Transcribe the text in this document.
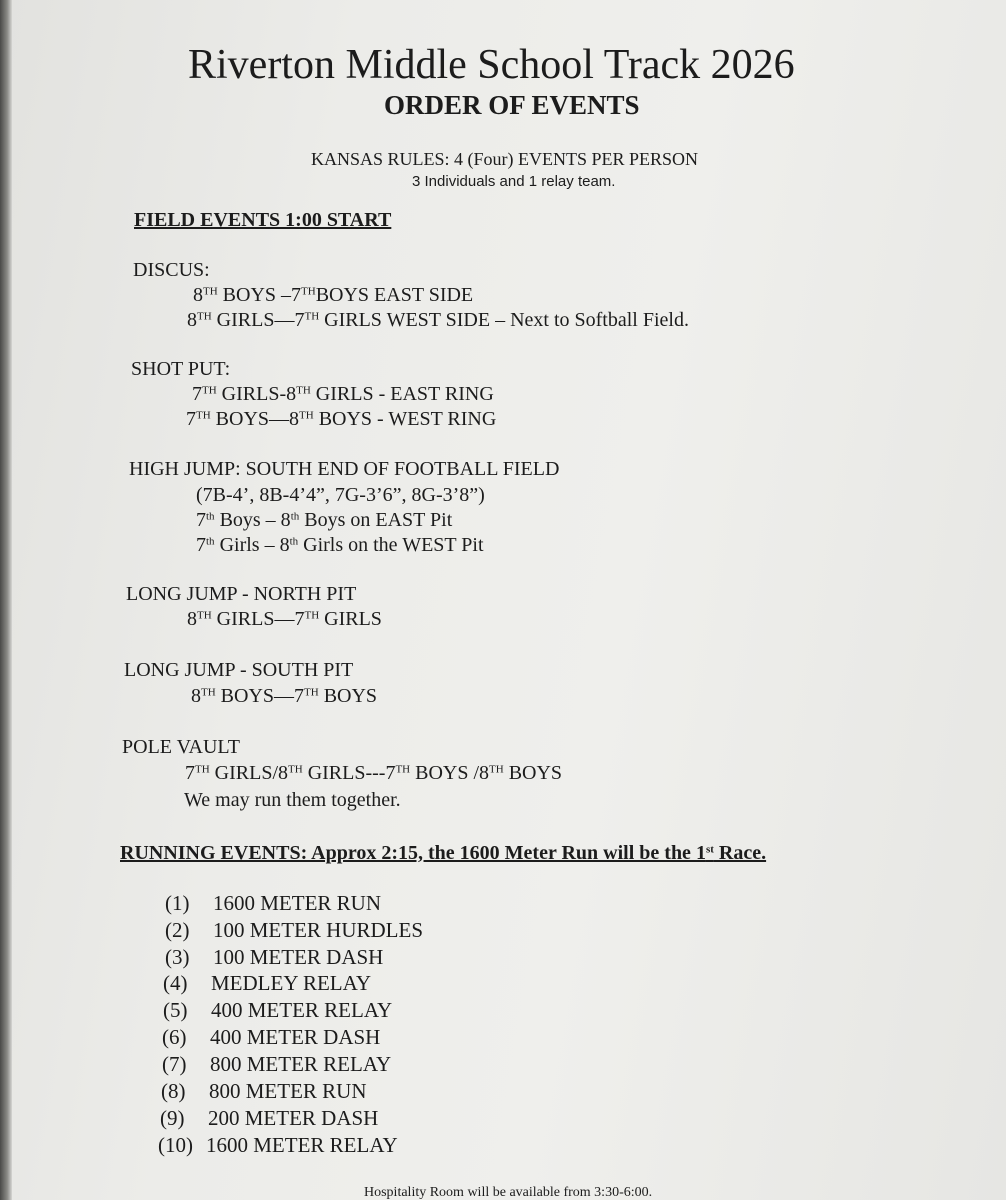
Riverton Middle School Track 2026
ORDER OF EVENTS
KANSAS RULES: 4 (Four) EVENTS PER PERSON
3 Individuals and 1 relay team.
FIELD EVENTS 1:00 START
DISCUS:
8TH BOYS –7THBOYS EAST SIDE
8TH GIRLS—7TH GIRLS WEST SIDE – Next to Softball Field.
SHOT PUT:
7TH GIRLS-8TH GIRLS - EAST RING
7TH BOYS—8TH BOYS - WEST RING
HIGH JUMP: SOUTH END OF FOOTBALL FIELD
(7B-4’, 8B-4’4”, 7G-3’6”, 8G-3’8”)
7th Boys – 8th Boys on EAST Pit
7th Girls – 8th Girls on the WEST Pit
LONG JUMP - NORTH PIT
8TH GIRLS—7TH GIRLS
LONG JUMP - SOUTH PIT
8TH BOYS—7TH BOYS
POLE VAULT
7TH GIRLS/8TH GIRLS---7TH BOYS /8TH BOYS
We may run them together.
RUNNING EVENTS: Approx 2:15, the 1600 Meter Run will be the 1st Race.
(1) 1600 METER RUN
(2) 100 METER HURDLES
(3) 100 METER DASH
(4) MEDLEY RELAY
(5) 400 METER RELAY
(6) 400 METER DASH
(7) 800 METER RELAY
(8) 800 METER RUN
(9) 200 METER DASH
(10) 1600 METER RELAY
Hospitality Room will be available from 3:30-6:00.
